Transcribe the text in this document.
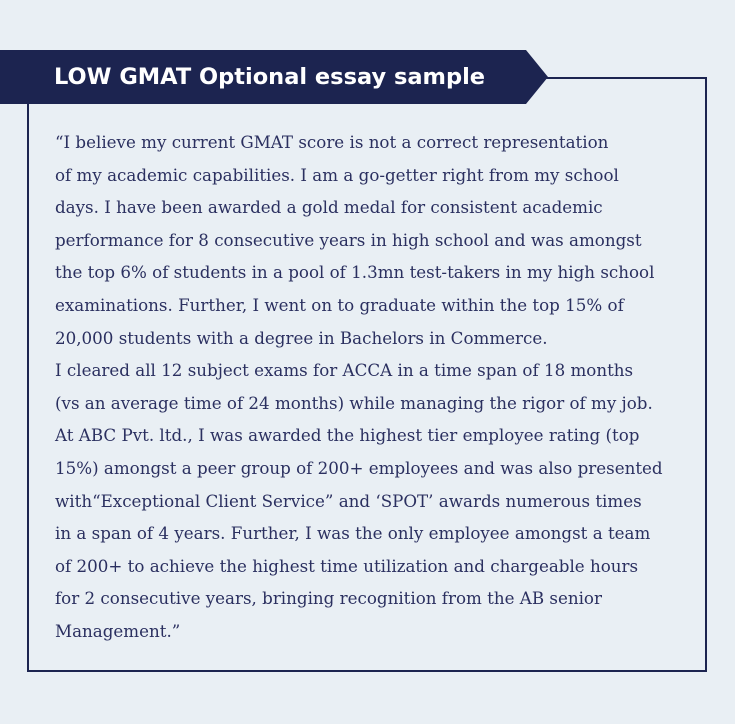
LOW GMAT Optional essay sample
“I believe my current GMAT score is not a correct representation
of my academic capabilities. I am a go-getter right from my school
days. I have been awarded a gold medal for consistent academic
performance for 8 consecutive years in high school and was amongst
the top 6% of students in a pool of 1.3mn test-takers in my high school
examinations. Further, I went on to graduate within the top 15% of
20,000 students with a degree in Bachelors in Commerce.
I cleared all 12 subject exams for ACCA in a time span of 18 months
(vs an average time of 24 months) while managing the rigor of my job.
At ABC Pvt. ltd., I was awarded the highest tier employee rating (top
15%) amongst a peer group of 200+ employees and was also presented
with“Exceptional Client Service” and ‘SPOT’ awards numerous times
in a span of 4 years. Further, I was the only employee amongst a team
of 200+ to achieve the highest time utilization and chargeable hours
for 2 consecutive years, bringing recognition from the AB senior
Management.”
